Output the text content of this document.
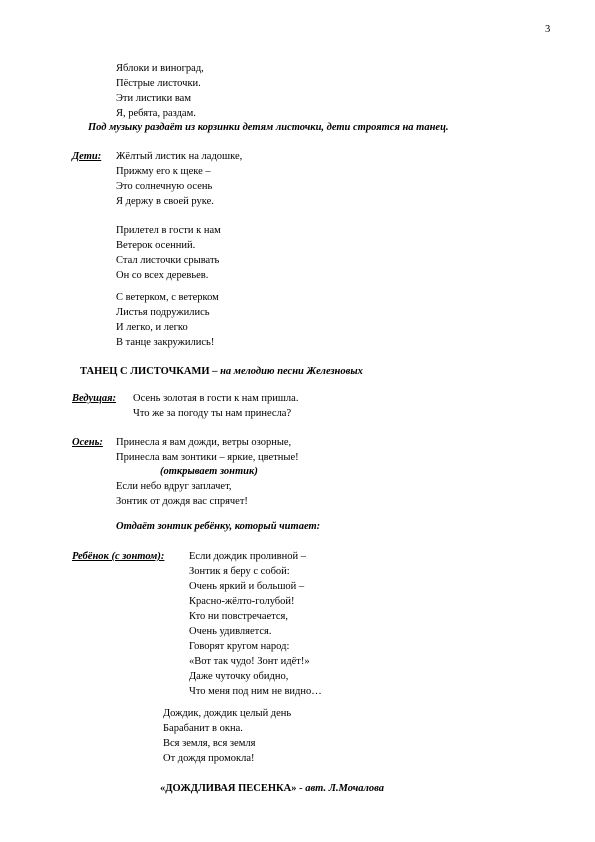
3
Яблоки и виноград,
Пёстрые листочки.
Эти листики вам
Я, ребята, раздам.
Под музыку раздаёт из корзинки детям листочки, дети строятся на танец.
Дети: Жёлтый листик на ладошке,
Прижму его к щеке –
Это солнечную осень
Я держу в своей руке.
Прилетел в гости к нам
Ветерок осенний.
Стал листочки срывать
Он со всех деревьев.
С ветерком, с ветерком
Листья подружились
И легко, и легко
В танце закружились!
ТАНЕЦ С ЛИСТОЧКАМИ – на мелодию песни Железновых
Ведущая: Осень золотая в гости к нам пришла.
Что же за погоду ты нам принесла?
Осень: Принесла я вам дожди, ветры озорные,
Принесла вам зонтики – яркие, цветные!
(открывает зонтик)
Если небо вдруг заплачет,
Зонтик от дождя вас спрячет!
Отдаёт зонтик ребёнку, который читает:
Ребёнок (с зонтом): Если дождик проливной –
Зонтик я беру с собой:
Очень яркий и большой –
Красно-жёлто-голубой!
Кто ни повстречается,
Очень удивляется.
Говорят кругом народ:
«Вот так чудо! Зонт идёт!»
Даже чуточку обидно,
Что меня под ним не видно…
Дождик, дождик целый день
Барабанит в окна.
Вся земля, вся земля
От дождя промокла!
«ДОЖДЛИВАЯ ПЕСЕНКА» - авт. Л.Мочалова
